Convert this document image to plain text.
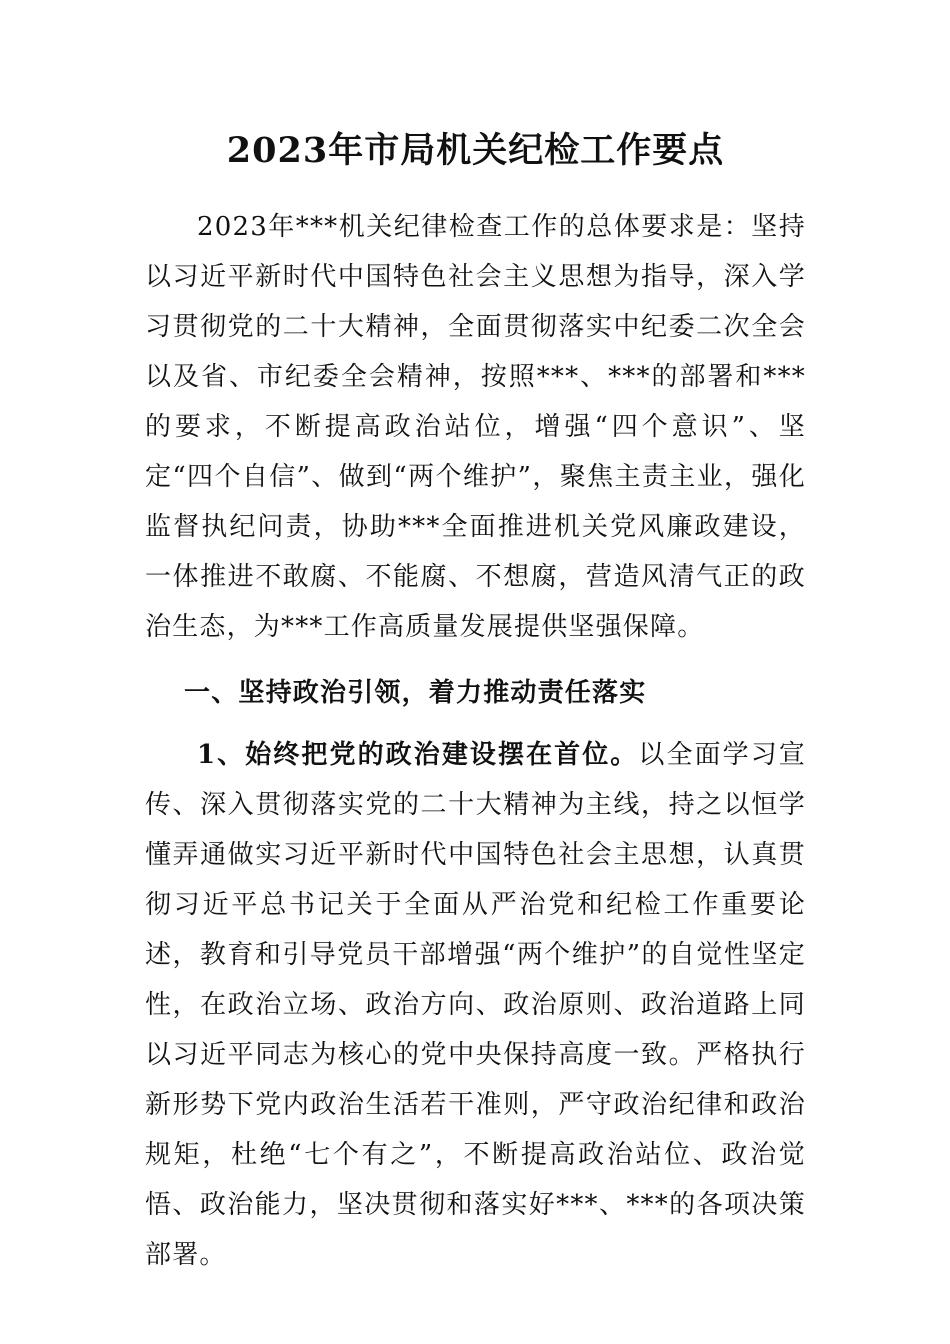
2023年市局机关纪检工作要点

2023年***机关纪律检查工作的总体要求是：坚持以习近平新时代中国特色社会主义思想为指导，深入学习贯彻党的二十大精神，全面贯彻落实中纪委二次全会以及省、市纪委全会精神，按照***、***的部署和***的要求，不断提高政治站位，增强“四个意识”、坚定“四个自信”、做到“两个维护”，聚焦主责主业，强化监督执纪问责，协助***全面推进机关党风廉政建设，一体推进不敢腐、不能腐、不想腐，营造风清气正的政治生态，为***工作高质量发展提供坚强保障。

一、坚持政治引领，着力推动责任落实

1、始终把党的政治建设摆在首位。以全面学习宣传、深入贯彻落实党的二十大精神为主线，持之以恒学懂弄通做实习近平新时代中国特色社会主思想，认真贯彻习近平总书记关于全面从严治党和纪检工作重要论述，教育和引导党员干部增强“两个维护”的自觉性坚定性，在政治立场、政治方向、政治原则、政治道路上同以习近平同志为核心的党中央保持高度一致。严格执行新形势下党内政治生活若干准则，严守政治纪律和政治规矩，杜绝“七个有之”，不断提高政治站位、政治觉悟、政治能力，坚决贯彻和落实好***、***的各项决策部署。
